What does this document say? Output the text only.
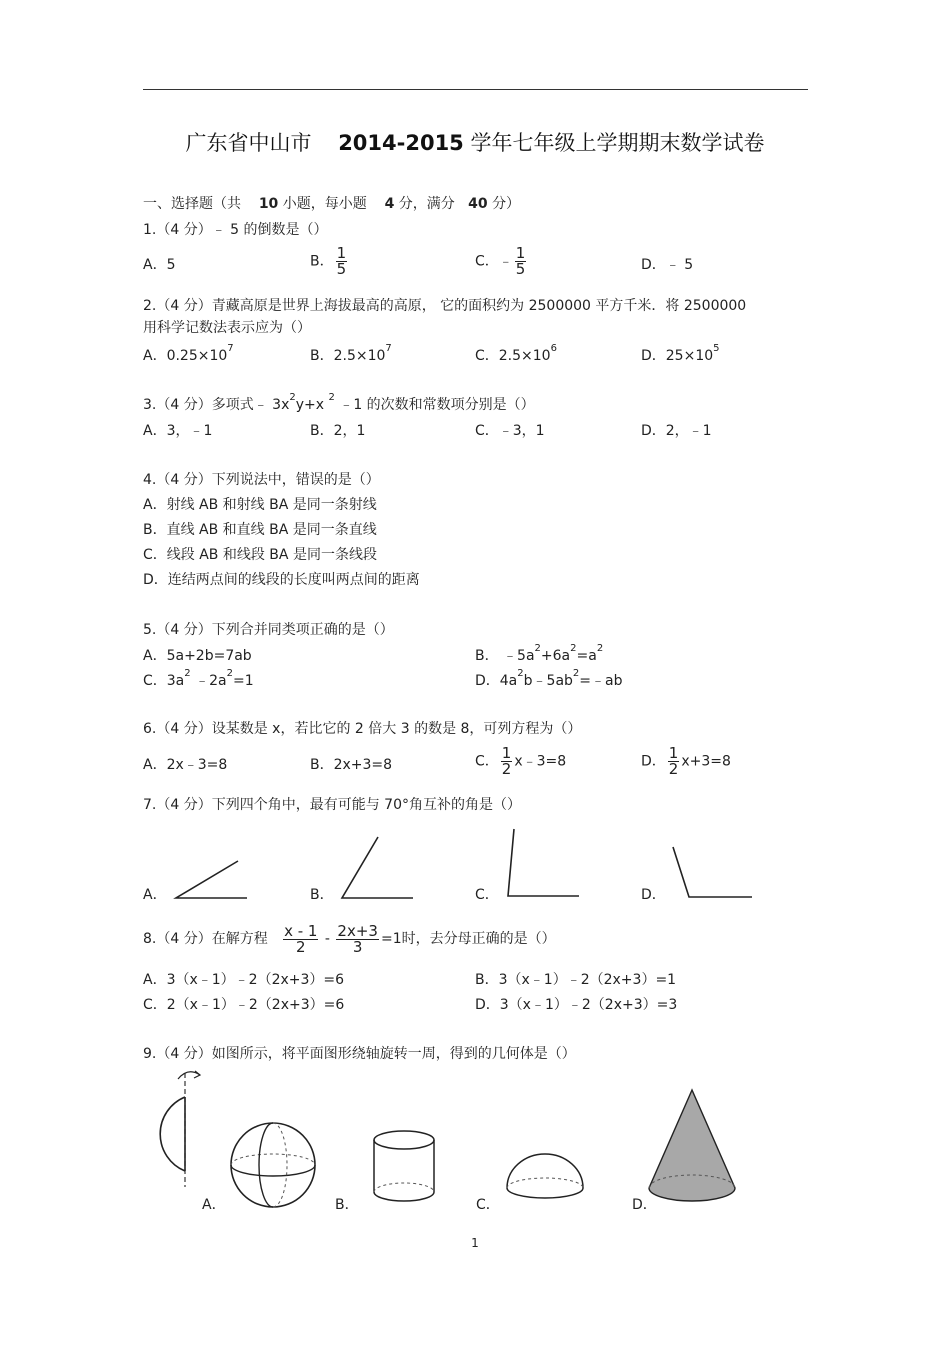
广东省中山市 2014-2015 学年七年级上学期期末数学试卷
一、选择题（共 10 小题，每小题 4 分，满分 40 分）
1.（4 分）﹣ 5 的倒数是（）
A．5	B． $\frac{1}{5}$	C．﹣ $\frac{1}{5}$	D．﹣ 5
2.（4 分）青藏高原是世界上海拔最高的高原， 它的面积约为 2500000 平方千米．将 2500000
用科学记数法表示应为（）
A．$0.25\times 10^7$	B．$2.5\times 10^7$	C．$2.5\times 10^6$	D．$25\times 10^5$
3.（4 分）多项式﹣ $3x^2y+x$ $^2$ ﹣1 的次数和常数项分别是（）
A．3，﹣1	B．2，1	C．﹣3，1	D．2，﹣1
4.（4 分）下列说法中，错误的是（）
A．射线 AB 和射线 BA 是同一条射线
B．直线 AB 和直线 BA 是同一条直线
C．线段 AB 和线段 BA 是同一条线段
D．连结两点间的线段的长度叫两点间的距离
5.（4 分）下列合并同类项正确的是（）
A．5a+2b=7ab	B． $﹣5a^2+6a^2=a^2$
C．$3a^2$ $﹣2a^2=1$	D．$4a^2b﹣5ab^2=﹣ab$
6.（4 分）设某数是 x，若比它的 2 倍大 3 的数是 8，可列方程为（）
A．2x﹣3=8	B．2x+3=8	C． $\frac{1}{2}$ x﹣3=8	D． $\frac{1}{2} x+3=8$
7.（4 分）下列四个角中，最有可能与 70°角互补的角是（）
A．	B．	C．	D．
8.（4 分）在解方程 $\frac{x - 1}{2} - \frac{2x+3}{3} =1$时，去分母正确的是（）
A．3（x﹣1）﹣2（2x+3）=6	B．3（x﹣1）﹣2（2x+3）=1
C．2（x﹣1）﹣2（2x+3）=6	D．3（x﹣1）﹣2（2x+3）=3
9.（4 分）如图所示，将平面图形绕轴旋转一周，得到的几何体是（）
A．	B．	C．	D．
1
